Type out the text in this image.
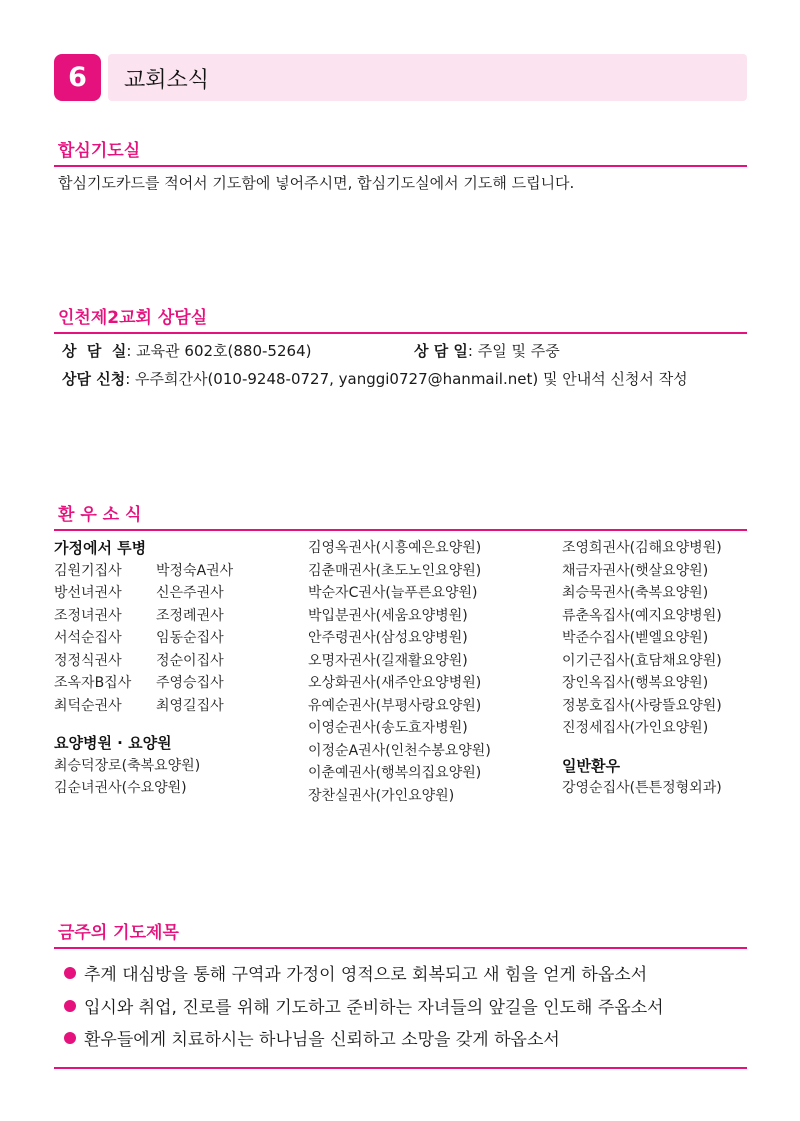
6	교회소식
합심기도실
합심기도카드를 적어서 기도함에 넣어주시면, 합심기도실에서 기도해 드립니다.
인천제2교회 상담실
상  담  실: 교육관 602호(880-5264)	상 담 일: 주일 및 주중
상담 신청: 우주희간사(010-9248-0727, yanggi0727@hanmail.net) 및 안내석 신청서 작성
환 우 소 식
가정에서 투병
김원기집사	박정숙A권사
방선녀권사	신은주권사
조정녀권사	조정례권사
서석순집사	임동순집사
정정식권사	정순이집사
조옥자B집사	주영승집사
최덕순권사	최영길집사
요양병원 · 요양원
최승덕장로(축복요양원)
김순녀권사(수요양원)
김영옥권사(시흥예은요양원)
김춘매권사(초도노인요양원)
박순자C권사(늘푸른요양원)
박입분권사(세움요양병원)
안주령권사(삼성요양병원)
오명자권사(길재활요양원)
오상화권사(새주안요양병원)
유예순권사(부평사랑요양원)
이영순권사(송도효자병원)
이정순A권사(인천수봉요양원)
이춘예권사(행복의집요양원)
장찬실권사(가인요양원)
조영희권사(김해요양병원)
채금자권사(햇살요양원)
최승묵권사(축복요양원)
류춘옥집사(예지요양병원)
박준수집사(벧엘요양원)
이기근집사(효담채요양원)
장인옥집사(행복요양원)
정봉호집사(사랑뜰요양원)
진정세집사(가인요양원)
일반환우
강영순집사(튼튼정형외과)
금주의 기도제목
추계 대심방을 통해 구역과 가정이 영적으로 회복되고 새 힘을 얻게 하옵소서
입시와 취업, 진로를 위해 기도하고 준비하는 자녀들의 앞길을 인도해 주옵소서
환우들에게 치료하시는 하나님을 신뢰하고 소망을 갖게 하옵소서
